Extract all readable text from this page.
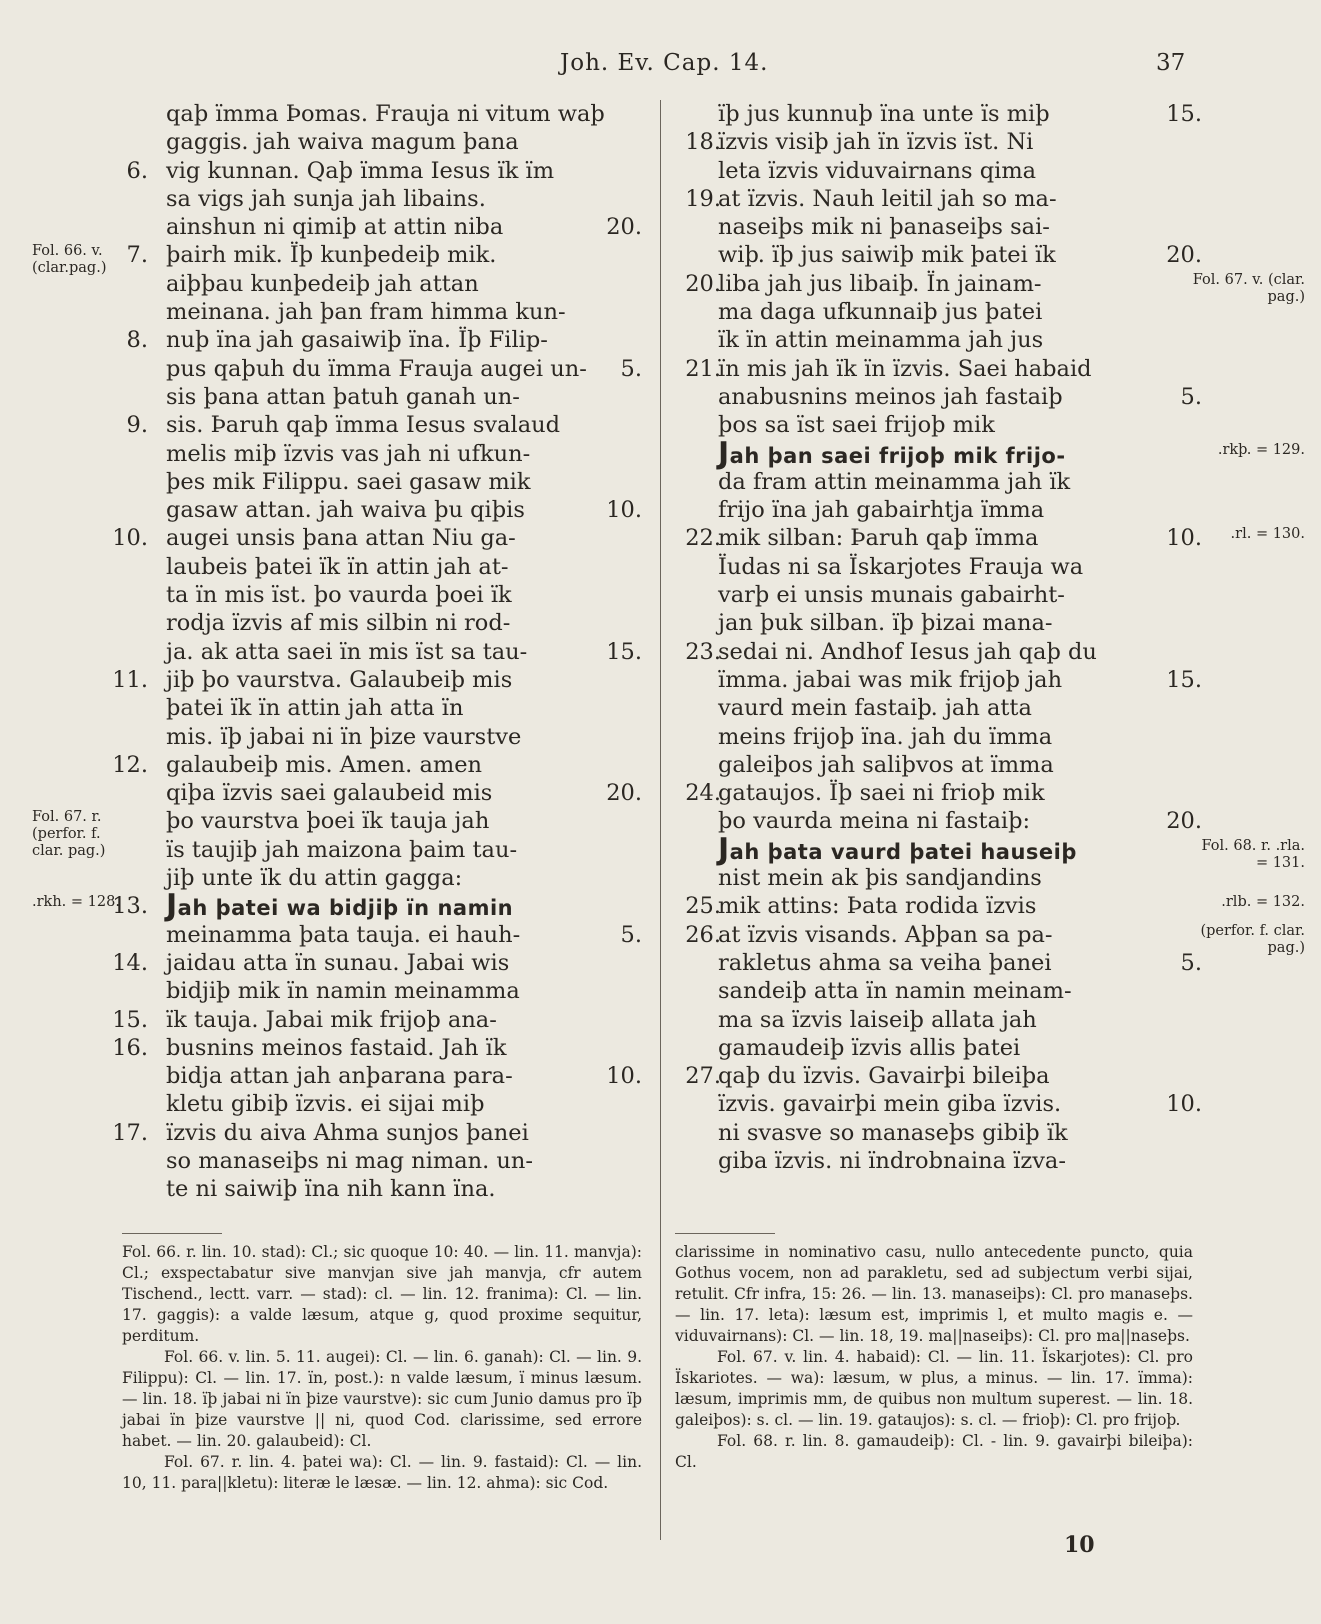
Joh. Ev. Cap. 14.	37
qaþ ïmma Þomas. Frauja ni vitum waþ
gaggis. jah waiva magum þana
6. vig kunnan. Qaþ ïmma Iesus ïk ïm
sa vigs jah sunja jah libains.
ainshun ni qimiþ at attin niba	20.
7. þairh mik. Ïþ kunþedeiþ mik.
Fol. 66. v. (clar.pag.)
aiþþau kunþedeiþ jah attan
meinana. jah þan fram himma kun-
8. nuþ ïna jah gasaiwiþ ïna. Ïþ Filip-
pus qaþuh du ïmma Frauja augei un- 5.
sis þana attan þatuh ganah un-
9. sis. Þaruh qaþ ïmma Iesus svalaud
melis miþ ïzvis vas jah ni ufkun-
þes mik Filippu. saei gasaw mik
gasaw attan. jah waiva þu qiþis	10.
10. augei unsis þana attan Niu ga-
laubeis þatei ïk ïn attin jah at-
ta ïn mis ïst. þo vaurda þoei ïk
rodja ïzvis af mis silbin ni rod-
ja. ak atta saei ïn mis ïst sa tau-	15.
11. jiþ þo vaurstva. Galaubeiþ mis
þatei ïk ïn attin jah atta ïn
mis. ïþ jabai ni ïn þize vaurstve
12. galaubeiþ mis. Amen. amen
qiþa ïzvis saei galaubeid mis	20.
þo vaurstva þoei ïk tauja jah
Fol. 67. r. (perfor. f. clar. pag.)	ïs taujiþ jah maizona þaim tau-
jiþ unte ïk du attin gagga:
13. Jah þatei wa bidjiþ ïn namin
.rkh. = 128.
meinamma þata tauja. ei hauh-	5.
14. jaidau atta ïn sunau. Jabai wis
bidjiþ mik ïn namin meinamma
15. ïk tauja. Jabai mik frijoþ ana-
16. busnins meinos fastaid. Jah ïk
bidja attan jah anþarana para-	10.
kletu gibiþ ïzvis. ei sijai miþ
17. ïzvis du aiva Ahma sunjos þanei
so manaseiþs ni mag niman. un-
te ni saiwiþ ïna nih kann ïna.
ïþ jus kunnuþ ïna unte ïs miþ	15.
18.
ïzvis visiþ jah ïn ïzvis ïst. Ni
leta ïzvis viduvairnans qima
19.
at ïzvis. Nauh leitil jah so ma-
naseiþs mik ni þanaseiþs sai-
wiþ. ïþ jus saiwiþ mik þatei ïk	20.
20.
liba jah jus libaiþ. Ïn jainam-	Fol. 67. v. (clar. pag.)
ma daga ufkunnaiþ jus þatei
ïk ïn attin meinamma jah jus
21.
ïn mis jah ïk ïn ïzvis. Saei habaid
anabusnins meinos jah fastaiþ	5.
þos sa ïst saei frijoþ mik
Jah þan saei frijoþ mik frijo-	.rkþ. = 129.
da fram attin meinamma jah ïk
frijo ïna jah gabairhtja ïmma
22.
mik silban: Þaruh qaþ ïmma	10.	.rl. = 130.
Ïudas ni sa Ïskarjotes Frauja wa
varþ ei unsis munais gabairht-
jan þuk silban. ïþ þizai mana-
23.
sedai ni. Andhof Iesus jah qaþ du
ïmma. jabai was mik frijoþ jah	15.
vaurd mein fastaiþ. jah atta
meins frijoþ ïna. jah du ïmma
galeiþos jah saliþvos at ïmma
24.
gataujos. Ïþ saei ni frioþ mik
þo vaurda meina ni fastaiþ:	20.
Jah þata vaurd þatei hauseiþ	Fol. 68. r. .rla. = 131.
nist mein ak þis sandjandins
25.
mik attins: Þata rodida ïzvis	.rlb. = 132.
26.
at ïzvis visands. Aþþan sa pa-	(perfor. f. clar. pag.)
rakletus ahma sa veiha þanei	5.
sandeiþ atta ïn namin meinam-
ma sa ïzvis laiseiþ allata jah
gamaudeiþ ïzvis allis þatei
27.
qaþ du ïzvis. Gavairþi bileiþa
ïzvis. gavairþi mein giba ïzvis.	10.
ni svasve so manaseþs gibiþ ïk
giba ïzvis. ni ïndrobnaina ïzva-

Fol. 66. r. lin. 10. stad): Cl.; sic quoque 10: 40. — lin. 11. manvja): Cl.; exspectabatur sive manvjan sive jah manvja, cfr autem Tischend., lectt. varr. — stad): cl. — lin. 12. franima): Cl. — lin. 17. gaggis): a valde læsum, atque g, quod proxime sequitur, perditum.

Fol. 66. v. lin. 5. 11. augei): Cl. — lin. 6. ganah): Cl. — lin. 9. Filippu): Cl. — lin. 17. ïn, post.): n valde læsum, ï minus læsum. — lin. 18. ïþ jabai ni ïn þize vaurstve): sic cum Junio damus pro ïþ jabai ïn þize vaurstve || ni, quod Cod. clarissime, sed errore habet. — lin. 20. galaubeid): Cl.

Fol. 67. r. lin. 4. þatei wa): Cl. — lin. 9. fastaid): Cl. — lin. 10, 11. para||kletu): literæ le læsæ. — lin. 12. ahma): sic Cod.

clarissime in nominativo casu, nullo antecedente puncto, quia Gothus vocem, non ad parakletu, sed ad subjectum verbi sijai, retulit. Cfr infra, 15: 26. — lin. 13. manaseiþs): Cl. pro manaseþs. — lin. 17. leta): læsum est, imprimis l, et multo magis e. — viduvairnans): Cl. — lin. 18, 19. ma||naseiþs): Cl. pro ma||naseþs.

Fol. 67. v. lin. 4. habaid): Cl. — lin. 11. Ïskarjotes): Cl. pro Ïskariotes. — wa): læsum, w plus, a minus. — lin. 17. ïmma): læsum, imprimis mm, de quibus non multum superest. — lin. 18. galeiþos): s. cl. — lin. 19. gataujos): s. cl. — frioþ): Cl. pro frijoþ.

Fol. 68. r. lin. 8. gamaudeiþ): Cl. - lin. 9. gavairþi bileiþa): Cl.

10
